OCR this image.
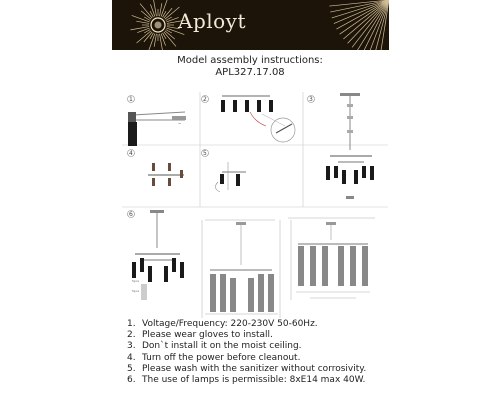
Aployt
Model assembly instructions:
APL327.17.08
~
5pcs
5pcs
1	2	3
4	5
6
1. Voltage/Frequency: 220-230V 50-60Hz.
2. Please wear gloves to install.
3. Don`t install it on the moist ceiling.
4. Turn off the power before cleanout.
5. Please wash with the sanitizer without corrosivity.
6. The use of lamps is permissible: 8xE14 max 40W.
